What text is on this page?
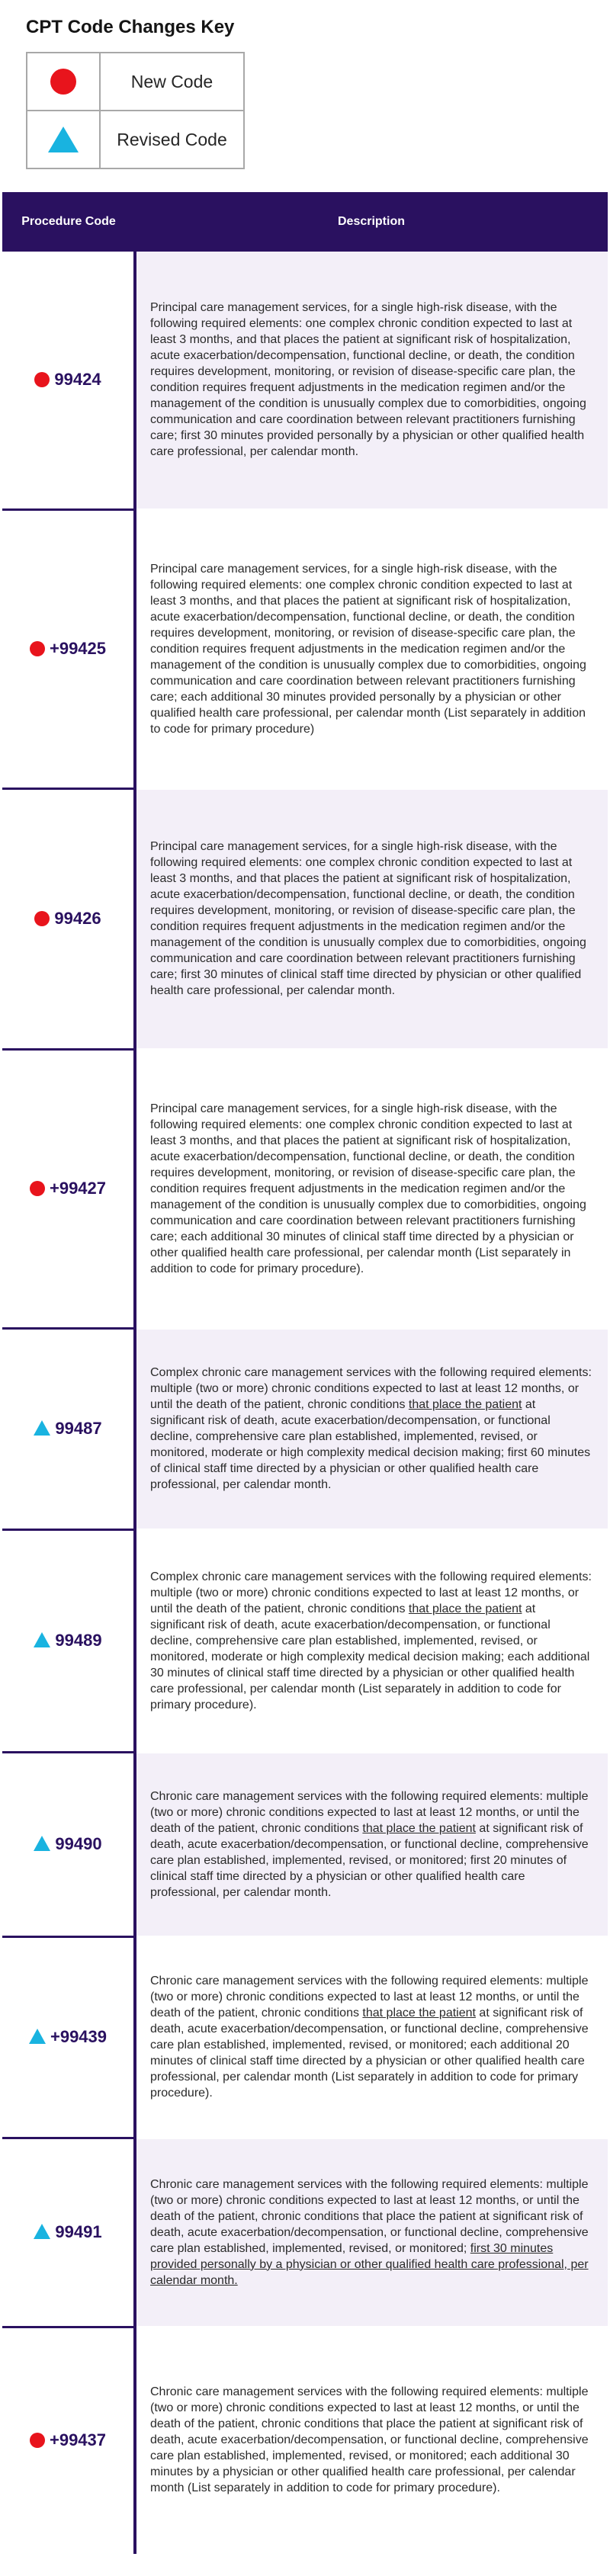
CPT Code Changes Key
	New Code

	Revised Code
Procedure Code	Description
99424	Principal care management services, for a single high-risk disease, with the following required elements: one complex chronic condition expected to last at least 3 months, and that places the patient at significant risk of hospitalization, acute exacerbation/decompensation, functional decline, or death, the condition requires development, monitoring, or revision of disease-specific care plan, the condition requires frequent adjustments in the medication regimen and/or the management of the condition is unusually complex due to comorbidities, ongoing communication and care coordination between relevant practitioners furnishing care; first 30 minutes provided personally by a physician or other qualified health care professional, per calendar month.
+99425	Principal care management services, for a single high-risk disease, with the following required elements: one complex chronic condition expected to last at least 3 months, and that places the patient at significant risk of hospitalization, acute exacerbation/decompensation, functional decline, or death, the condition requires development, monitoring, or revision of disease-specific care plan, the condition requires frequent adjustments in the medication regimen and/or the management of the condition is unusually complex due to comorbidities, ongoing communication and care coordination between relevant practitioners furnishing care; each additional 30 minutes provided personally by a physician or other qualified health care professional, per calendar month (List separately in addition to code for primary procedure)
99426	Principal care management services, for a single high-risk disease, with the following required elements: one complex chronic condition expected to last at least 3 months, and that places the patient at significant risk of hospitalization, acute exacerbation/decompensation, functional decline, or death, the condition requires development, monitoring, or revision of disease-specific care plan, the condition requires frequent adjustments in the medication regimen and/or the management of the condition is unusually complex due to comorbidities, ongoing communication and care coordination between relevant practitioners furnishing care; first 30 minutes of clinical staff time directed by physician or other qualified health care professional, per calendar month.
+99427	Principal care management services, for a single high-risk disease, with the following required elements: one complex chronic condition expected to last at least 3 months, and that places the patient at significant risk of hospitalization, acute exacerbation/decompensation, functional decline, or death, the condition requires development, monitoring, or revision of disease-specific care plan, the condition requires frequent adjustments in the medication regimen and/or the management of the condition is unusually complex due to comorbidities, ongoing communication and care coordination between relevant practitioners furnishing care; each additional 30 minutes of clinical staff time directed by a physician or other qualified health care professional, per calendar month (List separately in addition to code for primary procedure).
99487	Complex chronic care management services with the following required elements: multiple (two or more) chronic conditions expected to last at least 12 months, or until the death of the patient, chronic conditions that place the patient at significant risk of death, acute exacerbation/decompensation, or functional decline, comprehensive care plan established, implemented, revised, or monitored, moderate or high complexity medical decision making; first 60 minutes of clinical staff time directed by a physician or other qualified health care professional, per calendar month.
99489	Complex chronic care management services with the following required elements: multiple (two or more) chronic conditions expected to last at least 12 months, or until the death of the patient, chronic conditions that place the patient at significant risk of death, acute exacerbation/decompensation, or functional decline, comprehensive care plan established, implemented, revised, or monitored, moderate or high complexity medical decision making; each additional 30 minutes of clinical staff time directed by a physician or other qualified health care professional, per calendar month (List separately in addition to code for primary procedure).
99490	Chronic care management services with the following required elements: multiple (two or more) chronic conditions expected to last at least 12 months, or until the death of the patient, chronic conditions that place the patient at significant risk of death, acute exacerbation/decompensation, or functional decline, comprehensive care plan established, implemented, revised, or monitored; first 20 minutes of clinical staff time directed by a physician or other qualified health care professional, per calendar month.
+99439	Chronic care management services with the following required elements: multiple (two or more) chronic conditions expected to last at least 12 months, or until the death of the patient, chronic conditions that place the patient at significant risk of death, acute exacerbation/decompensation, or functional decline, comprehensive care plan established, implemented, revised, or monitored; each additional 20 minutes of clinical staff time directed by a physician or other qualified health care professional, per calendar month (List separately in addition to code for primary procedure).
99491	Chronic care management services with the following required elements: multiple (two or more) chronic conditions expected to last at least 12 months, or until the death of the patient, chronic conditions that place the patient at significant risk of death, acute exacerbation/decompensation, or functional decline, comprehensive care plan established, implemented, revised, or monitored; first 30 minutes provided personally by a physician or other qualified health care professional, per calendar month.
+99437	Chronic care management services with the following required elements: multiple (two or more) chronic conditions expected to last at least 12 months, or until the death of the patient, chronic conditions that place the patient at significant risk of death, acute exacerbation/decompensation, or functional decline, comprehensive care plan established, implemented, revised, or monitored; each additional 30 minutes by a physician or other qualified health care professional, per calendar month (List separately in addition to code for primary procedure).
